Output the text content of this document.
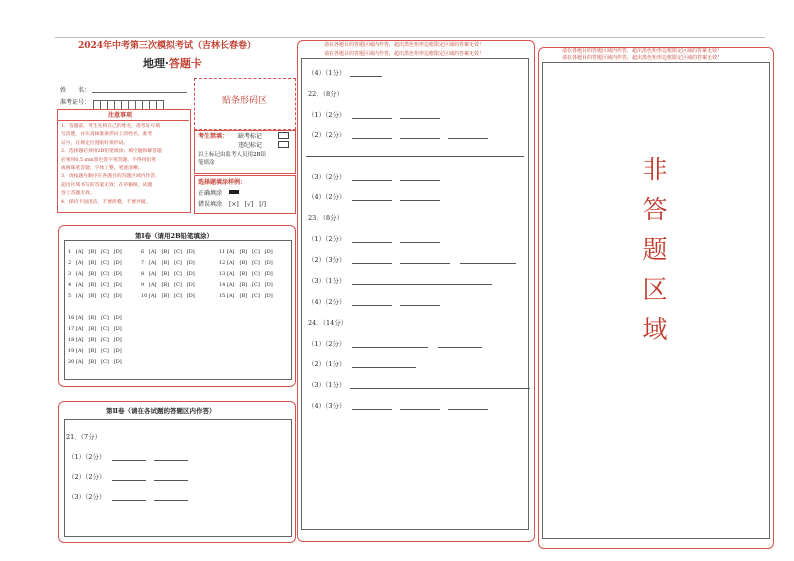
2024年中考第三次模拟考试（吉林长春卷）
地理·答题卡
姓　　名：
准考证号：	贴条形码区
注意事项
1．答题前，考生先将自己的姓名，准考证号填
写清楚，并认真核准条形码上的姓名、准考
证号，在规定位置贴好条形码。
2．选择题必须用2B铅笔填涂；填空题和解答题
必须用0.5 mm黑色签字笔答题，不得用铅笔
或圆珠笔答题；字体工整、笔迹清晰。
3．请按题号顺序在各题目的答题区域内作答，
超出区域书写的答案无效；在草稿纸、试题
卷上答题无效。
4．保持卡面清洁，不要折叠、不要弄破。
考生禁填： 缺考标记
违纪标记
以上标记由监考人员用2B铅
笔填涂
选择题填涂样例：
正确填涂
错误填涂 [×]　[√]　[/]
第Ⅰ卷（请用2B铅笔填涂）
1 [A]　[B]　[C]　[D]
2 [A]　[B]　[C]　[D]
3 [A]　[B]　[C]　[D]
4 [A]　[B]　[C]　[D]
5 [A]　[B]　[C]　[D]
6 [A]　[B]　[C]　[D]
7 [A]　[B]　[C]　[D]
8 [A]　[B]　[C]　[D]
9 [A]　[B]　[C]　[D]
10 [A]　[B]　[C]　[D]
11 [A]　[B]　[C]　[D]
12 [A]　[B]　[C]　[D]
13 [A]　[B]　[C]　[D]
14 [A]　[B]　[C]　[D]
15 [A]　[B]　[C]　[D]
16 [A]　[B]　[C]　[D]
17 [A]　[B]　[C]　[D]
18 [A]　[B]　[C]　[D]
19 [A]　[B]　[C]　[D]
20 [A]　[B]　[C]　[D]
第Ⅱ卷（请在各试题的答题区内作答）
21．（7分）
（1）（2分）
（2）（2分）
（3）（2分）
请在各题目的答题区域内作答，超出黑色矩形边框限定区域的答案无效！
请在各题目的答题区域内作答，超出黑色矩形边框限定区域的答案无效！
（4）（1分）
22．（8分）
（1）（2分）
（2）（2分）
（3）（2分）
（4）（2分）
23．（8分）
（1）（2分）
（2）（3分）
（3）（1分）
（4）（2分）
24．（14分）
（1）（2分）
（2）（1分）
（3）（1分）
（4）（3分）
请在各题目的答题区域内作答，超出黑色矩形边框限定区域的答案无效！
请在各题目的答题区域内作答，超出黑色矩形边框限定区域的答案无效！
非
答
题
区
域
